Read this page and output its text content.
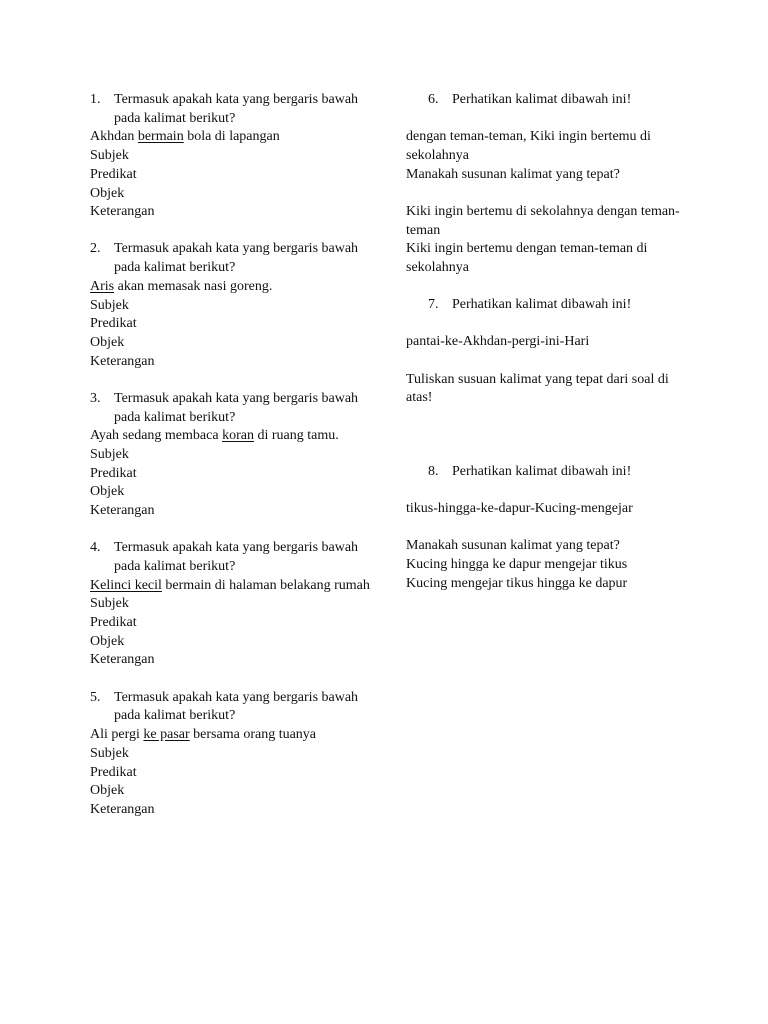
1. Termasuk apakah kata yang bergaris bawah pada kalimat berikut?
Akhdan bermain bola di lapangan
Subjek
Predikat
Objek
Keterangan
2. Termasuk apakah kata yang bergaris bawah pada kalimat berikut?
Aris akan memasak nasi goreng.
Subjek
Predikat
Objek
Keterangan
3. Termasuk apakah kata yang bergaris bawah pada kalimat berikut?
Ayah sedang membaca koran di ruang tamu.
Subjek
Predikat
Objek
Keterangan
4. Termasuk apakah kata yang bergaris bawah pada kalimat berikut?
Kelinci kecil bermain di halaman belakang rumah
Subjek
Predikat
Objek
Keterangan
5. Termasuk apakah kata yang bergaris bawah pada kalimat berikut?
Ali pergi ke pasar bersama orang tuanya
Subjek
Predikat
Objek
Keterangan
6. Perhatikan kalimat dibawah ini!
dengan teman-teman, Kiki ingin bertemu di sekolahnya
Manakah susunan kalimat yang tepat?
Kiki ingin bertemu di sekolahnya dengan teman-teman
Kiki ingin bertemu dengan teman-teman di sekolahnya
7. Perhatikan kalimat dibawah ini!
pantai-ke-Akhdan-pergi-ini-Hari
Tuliskan susuan kalimat yang tepat dari soal di atas!
8. Perhatikan kalimat dibawah ini!
tikus-hingga-ke-dapur-Kucing-mengejar
Manakah susunan kalimat yang tepat?
Kucing hingga ke dapur mengejar tikus
Kucing mengejar tikus hingga ke dapur
